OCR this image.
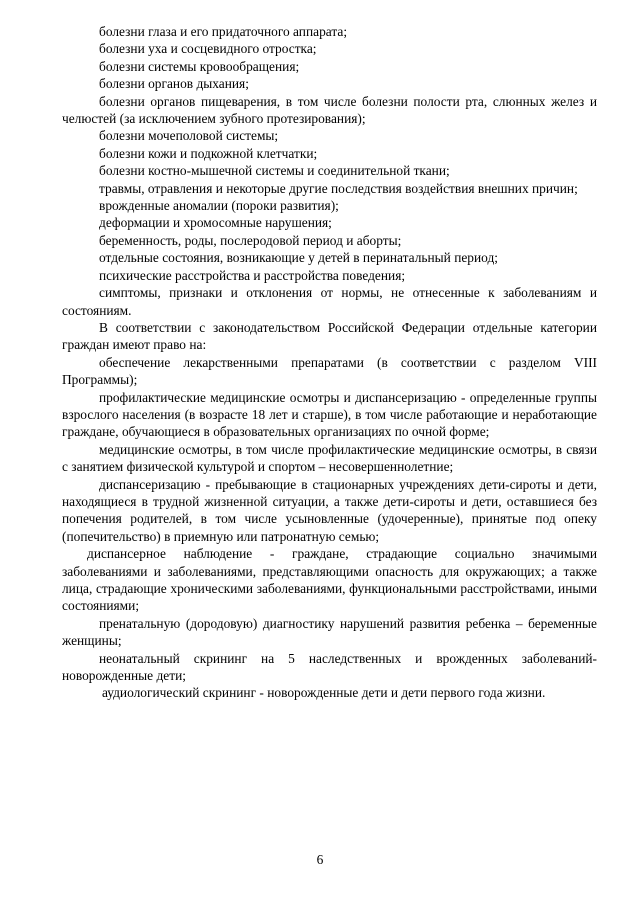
болезни глаза и его придаточного аппарата;

болезни уха и сосцевидного отростка;

болезни системы кровообращения;

болезни органов дыхания;

болезни органов пищеварения, в том числе болезни полости рта, слюнных желез и челюстей (за исключением зубного протезирования);

болезни мочеполовой системы;

болезни кожи и подкожной клетчатки;

болезни костно-мышечной системы и соединительной ткани;

травмы, отравления и некоторые другие последствия воздействия внешних причин;

врожденные аномалии (пороки развития);

деформации и хромосомные нарушения;

беременность, роды, послеродовой период и аборты;

отдельные состояния, возникающие у детей в перинатальный период;

психические расстройства и расстройства поведения;

симптомы, признаки и отклонения от нормы, не отнесенные к заболеваниям и состояниям.

В соответствии с законодательством Российской Федерации отдельные категории граждан имеют право на:

обеспечение лекарственными препаратами (в соответствии с разделом VIII Программы);

профилактические медицинские осмотры и диспансеризацию - определенные группы взрослого населения (в возрасте 18 лет и старше), в том числе работающие и неработающие граждане, обучающиеся в образовательных организациях по очной форме;

медицинские осмотры, в том числе профилактические медицинские осмотры, в связи с занятием физической культурой и спортом – несовершеннолетние;

диспансеризацию - пребывающие в стационарных учреждениях дети-сироты и дети, находящиеся в трудной жизненной ситуации, а также дети-сироты и дети, оставшиеся без попечения родителей, в том числе усыновленные (удочеренные), принятые под опеку (попечительство) в приемную или патронатную семью;

диспансерное наблюдение - граждане, страдающие социально значимыми заболеваниями и заболеваниями, представляющими опасность для окружающих; а также лица, страдающие хроническими заболеваниями, функциональными расстройствами, иными состояниями;

пренатальную (дородовую) диагностику нарушений развития ребенка – беременные женщины;

неонатальный скрининг на 5 наследственных и врожденных заболеваний-новорожденные дети;

аудиологический скрининг - новорожденные дети и дети первого года жизни.

6
